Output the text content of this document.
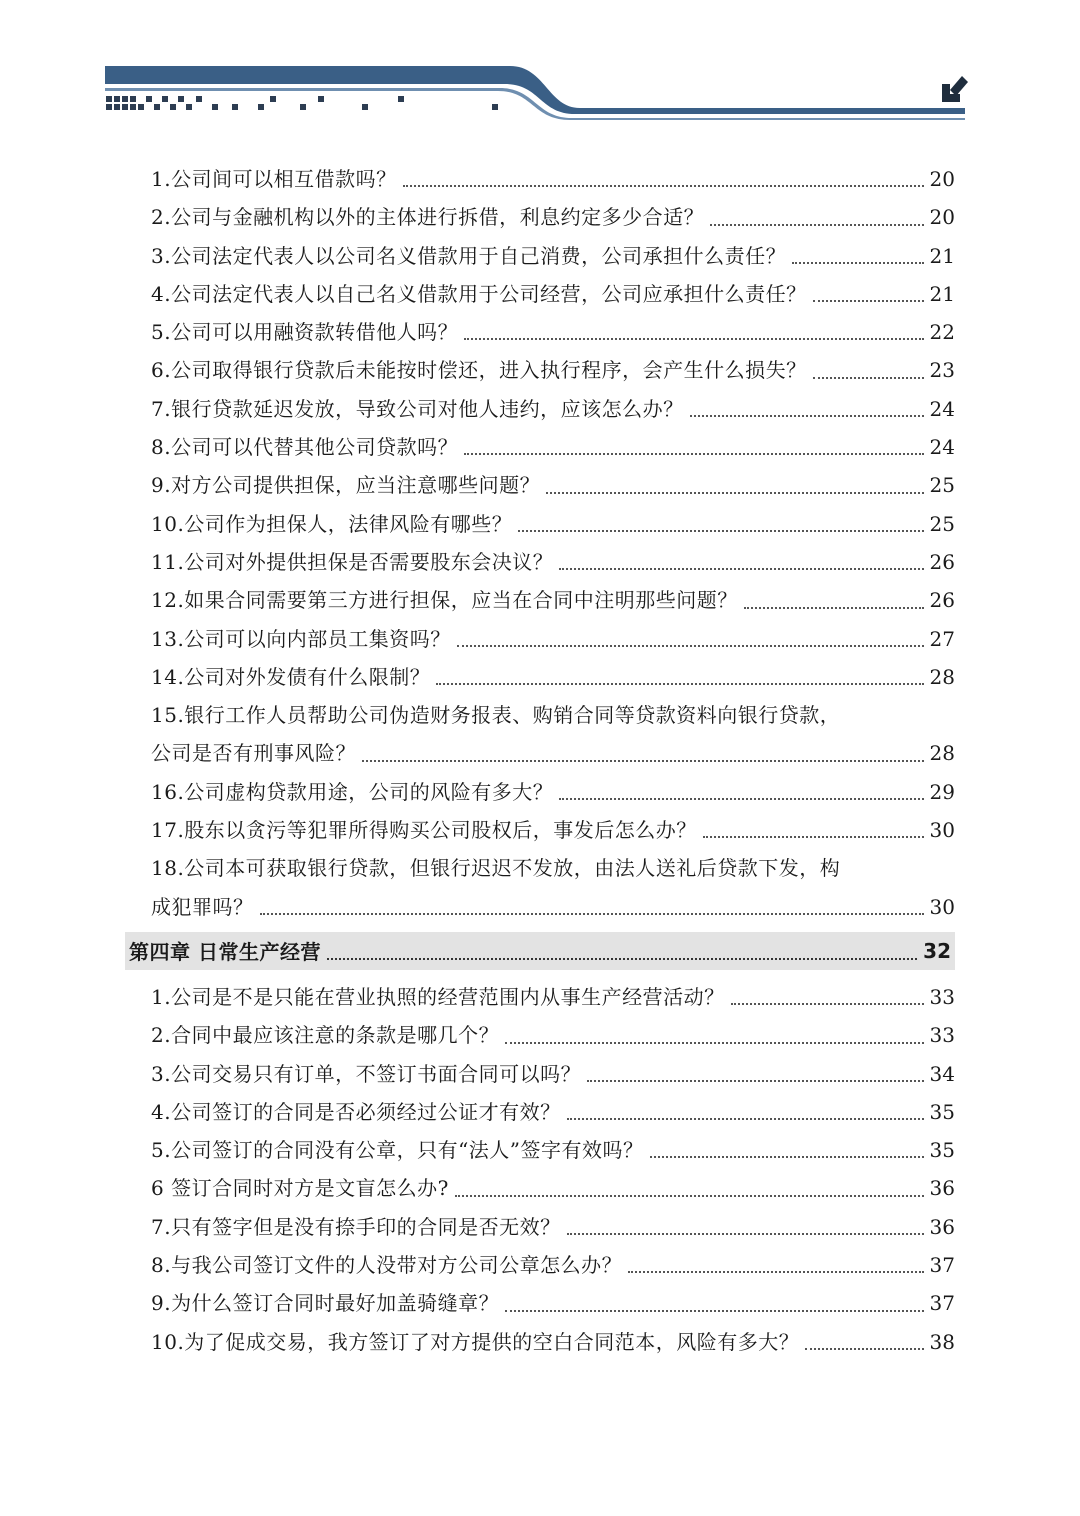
1.公司间可以相互借款吗？	20
2.公司与金融机构以外的主体进行拆借，利息约定多少合适？	20
3.公司法定代表人以公司名义借款用于自己消费，公司承担什么责任？	21
4.公司法定代表人以自己名义借款用于公司经营，公司应承担什么责任？	21
5.公司可以用融资款转借他人吗？	22
6.公司取得银行贷款后未能按时偿还，进入执行程序，会产生什么损失？	23
7.银行贷款延迟发放，导致公司对他人违约，应该怎么办？	24
8.公司可以代替其他公司贷款吗？	24
9.对方公司提供担保，应当注意哪些问题？	25
10.公司作为担保人，法律风险有哪些？	25
11.公司对外提供担保是否需要股东会决议？	26
12.如果合同需要第三方进行担保，应当在合同中注明那些问题？	26
13.公司可以向内部员工集资吗？	27
14.公司对外发债有什么限制？	28
15.银行工作人员帮助公司伪造财务报表、购销合同等贷款资料向银行贷款，
公司是否有刑事风险？	28
16.公司虚构贷款用途，公司的风险有多大？	29
17.股东以贪污等犯罪所得购买公司股权后，事发后怎么办？	30
18.公司本可获取银行贷款，但银行迟迟不发放，由法人送礼后贷款下发，构
成犯罪吗？	30
第四章 日常生产经营	32
1.公司是不是只能在营业执照的经营范围内从事生产经营活动？	33
2.合同中最应该注意的条款是哪几个？	33
3.公司交易只有订单，不签订书面合同可以吗？	34
4.公司签订的合同是否必须经过公证才有效？	35
5.公司签订的合同没有公章，只有“法人”签字有效吗？	35
6 签订合同时对方是文盲怎么办?	36
7.只有签字但是没有捺手印的合同是否无效？	36
8.与我公司签订文件的人没带对方公司公章怎么办？	37
9.为什么签订合同时最好加盖骑缝章？	37
10.为了促成交易，我方签订了对方提供的空白合同范本，风险有多大？	38
